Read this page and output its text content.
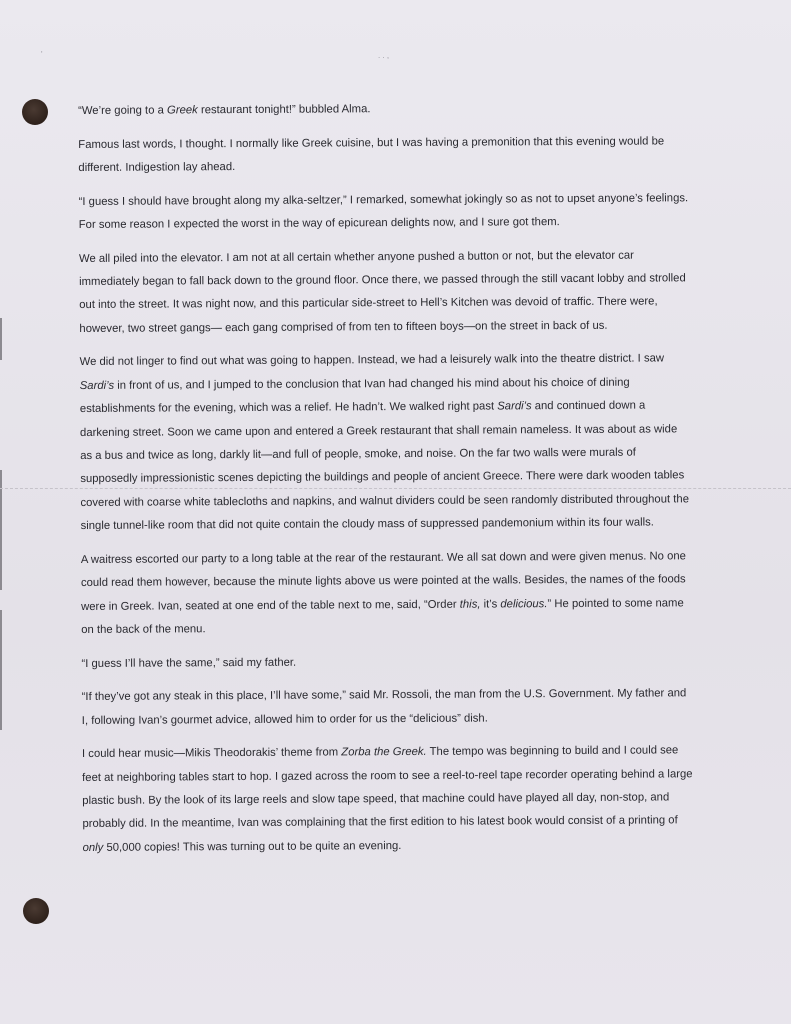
. . ,
'

“We’re going to a Greek restaurant tonight!” bubbled Alma.

Famous last words, I thought. I normally like Greek cuisine, but I was having a premonition that this evening would be different. Indigestion lay ahead.

“I guess I should have brought along my alka-seltzer,” I remarked, somewhat jokingly so as not to upset anyone’s feelings. For some reason I expected the worst in the way of epicurean delights now, and I sure got them.

We all piled into the elevator. I am not at all certain whether anyone pushed a button or not, but the elevator car immediately began to fall back down to the ground floor. Once there, we passed through the still vacant lobby and strolled out into the street. It was night now, and this particular side-street to Hell’s Kitchen was devoid of traffic. There were, however, two street gangs— each gang comprised of from ten to fifteen boys—on the street in back of us.

We did not linger to find out what was going to happen. Instead, we had a leisurely walk into the theatre district. I saw Sardi’s in front of us, and I jumped to the conclusion that Ivan had changed his mind about his choice of dining establishments for the evening, which was a relief. He hadn’t. We walked right past Sardi’s and continued down a darkening street. Soon we came upon and entered a Greek restaurant that shall remain nameless. It was about as wide as a bus and twice as long, darkly lit—and full of people, smoke, and noise. On the far two walls were murals of supposedly impressionistic scenes depicting the buildings and people of ancient Greece. There were dark wooden tables covered with coarse white tablecloths and napkins, and walnut dividers could be seen randomly distributed throughout the single tunnel-like room that did not quite contain the cloudy mass of suppressed pandemonium within its four walls.

A waitress escorted our party to a long table at the rear of the restaurant. We all sat down and were given menus. No one could read them however, because the minute lights above us were pointed at the walls. Besides, the names of the foods were in Greek. Ivan, seated at one end of the table next to me, said, “Order this, it’s delicious.” He pointed to some name on the back of the menu.

“I guess I’ll have the same,” said my father.

“If they’ve got any steak in this place, I’ll have some,” said Mr. Rossoli, the man from the U.S. Government. My father and I, following Ivan’s gourmet advice, allowed him to order for us the “delicious” dish.

I could hear music—Mikis Theodorakis’ theme from Zorba the Greek. The tempo was beginning to build and I could see feet at neighboring tables start to hop. I gazed across the room to see a reel-to-reel tape recorder operating behind a large plastic bush. By the look of its large reels and slow tape speed, that machine could have played all day, non-stop, and probably did. In the meantime, Ivan was complaining that the first edition to his latest book would consist of a printing of only 50,000 copies! This was turning out to be quite an evening.
